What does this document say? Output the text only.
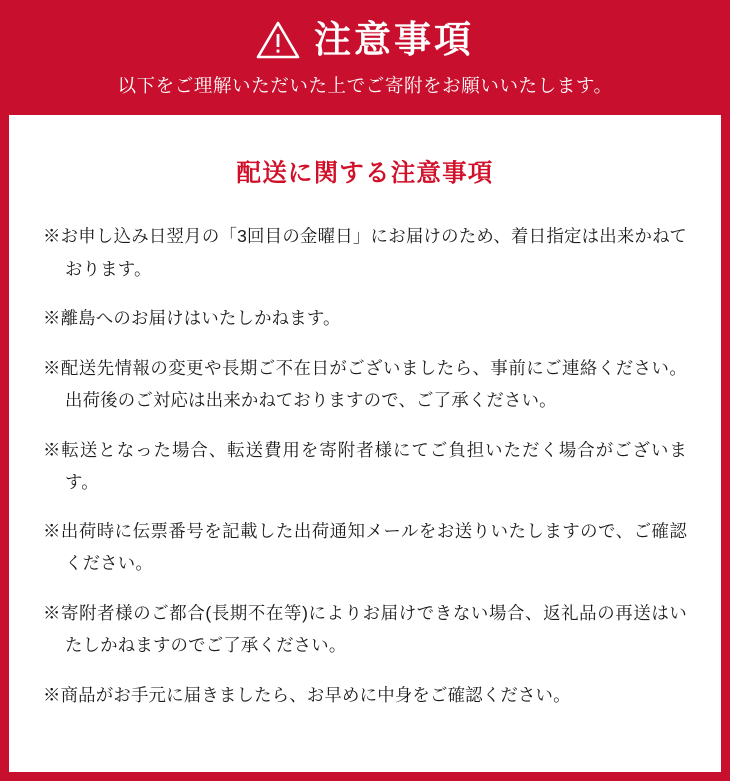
注意事項
以下をご理解いただいた上でご寄附をお願いいたします。
配送に関する注意事項

※お申し込み日翌月の「3回目の金曜日」にお届けのため、着日指定は出来かねております。

※離島へのお届けはいたしかねます。

※配送先情報の変更や長期ご不在日がございましたら、事前にご連絡ください。出荷後のご対応は出来かねておりますので、ご了承ください。

※転送となった場合、転送費用を寄附者様にてご負担いただく場合がございます。

※出荷時に伝票番号を記載した出荷通知メールをお送りいたしますので、ご確認ください。

※寄附者様のご都合(長期不在等)によりお届けできない場合、返礼品の再送はいたしかねますのでご了承ください。

※商品がお手元に届きましたら、お早めに中身をご確認ください。
